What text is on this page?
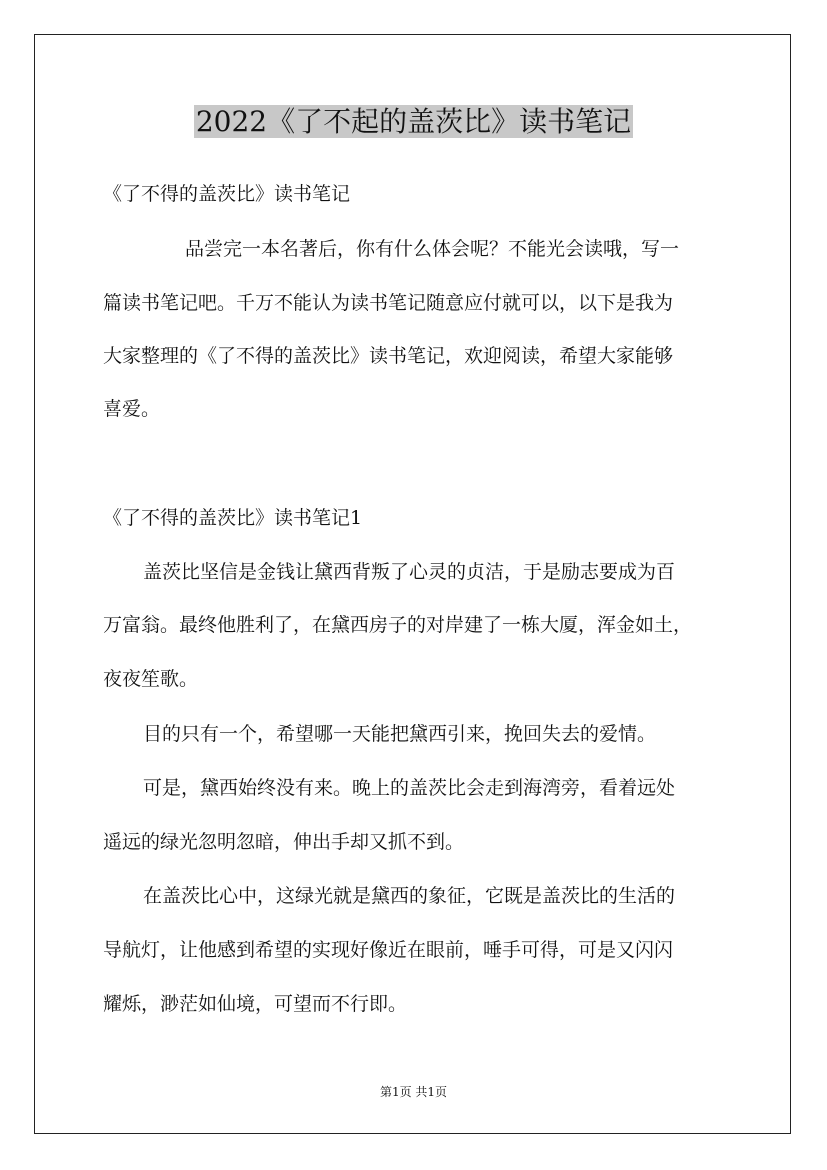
2022《了不起的盖茨比》读书笔记
《了不得的盖茨比》读书笔记
品尝完一本名著后，你有什么体会呢？不能光会读哦，写一
篇读书笔记吧。千万不能认为读书笔记随意应付就可以，以下是我为
大家整理的《了不得的盖茨比》读书笔记，欢迎阅读，希望大家能够
喜爱。
《了不得的盖茨比》读书笔记1
盖茨比坚信是金钱让黛西背叛了心灵的贞洁，于是励志要成为百
万富翁。最终他胜利了，在黛西房子的对岸建了一栋大厦，浑金如土，
夜夜笙歌。
目的只有一个，希望哪一天能把黛西引来，挽回失去的爱情。
可是，黛西始终没有来。晚上的盖茨比会走到海湾旁，看着远处
遥远的绿光忽明忽暗，伸出手却又抓不到。
在盖茨比心中，这绿光就是黛西的象征，它既是盖茨比的生活的
导航灯，让他感到希望的实现好像近在眼前，唾手可得，可是又闪闪
耀烁，渺茫如仙境，可望而不行即。
第1页 共1页
